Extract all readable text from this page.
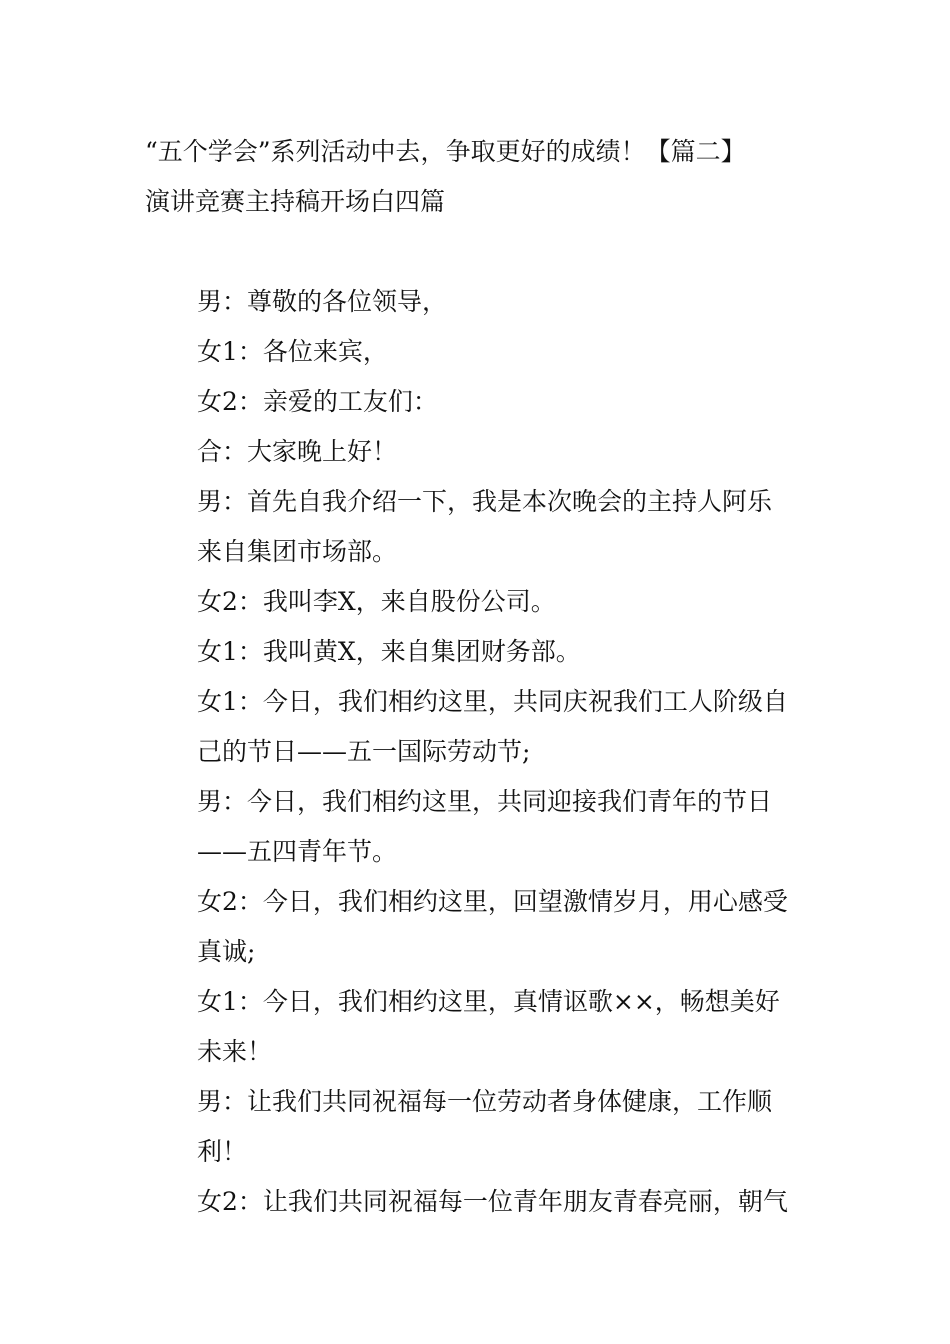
“五个学会”系列活动中去，争取更好的成绩！【篇二】
演讲竞赛主持稿开场白四篇

男：尊敬的各位领导，

女1：各位来宾，

女2：亲爱的工友们：

合：大家晚上好！

男：首先自我介绍一下，我是本次晚会的主持人阿乐
来自集团市场部。

女2：我叫李X，来自股份公司。

女1：我叫黄X，来自集团财务部。

女1：今日，我们相约这里，共同庆祝我们工人阶级自
己的节日——五一国际劳动节;

男：今日，我们相约这里，共同迎接我们青年的节日
——五四青年节。

女2：今日，我们相约这里，回望激情岁月，用心感受
真诚;

女1：今日，我们相约这里，真情讴歌××，畅想美好
未来！

男：让我们共同祝福每一位劳动者身体健康，工作顺
利！

女2：让我们共同祝福每一位青年朋友青春亮丽，朝气
